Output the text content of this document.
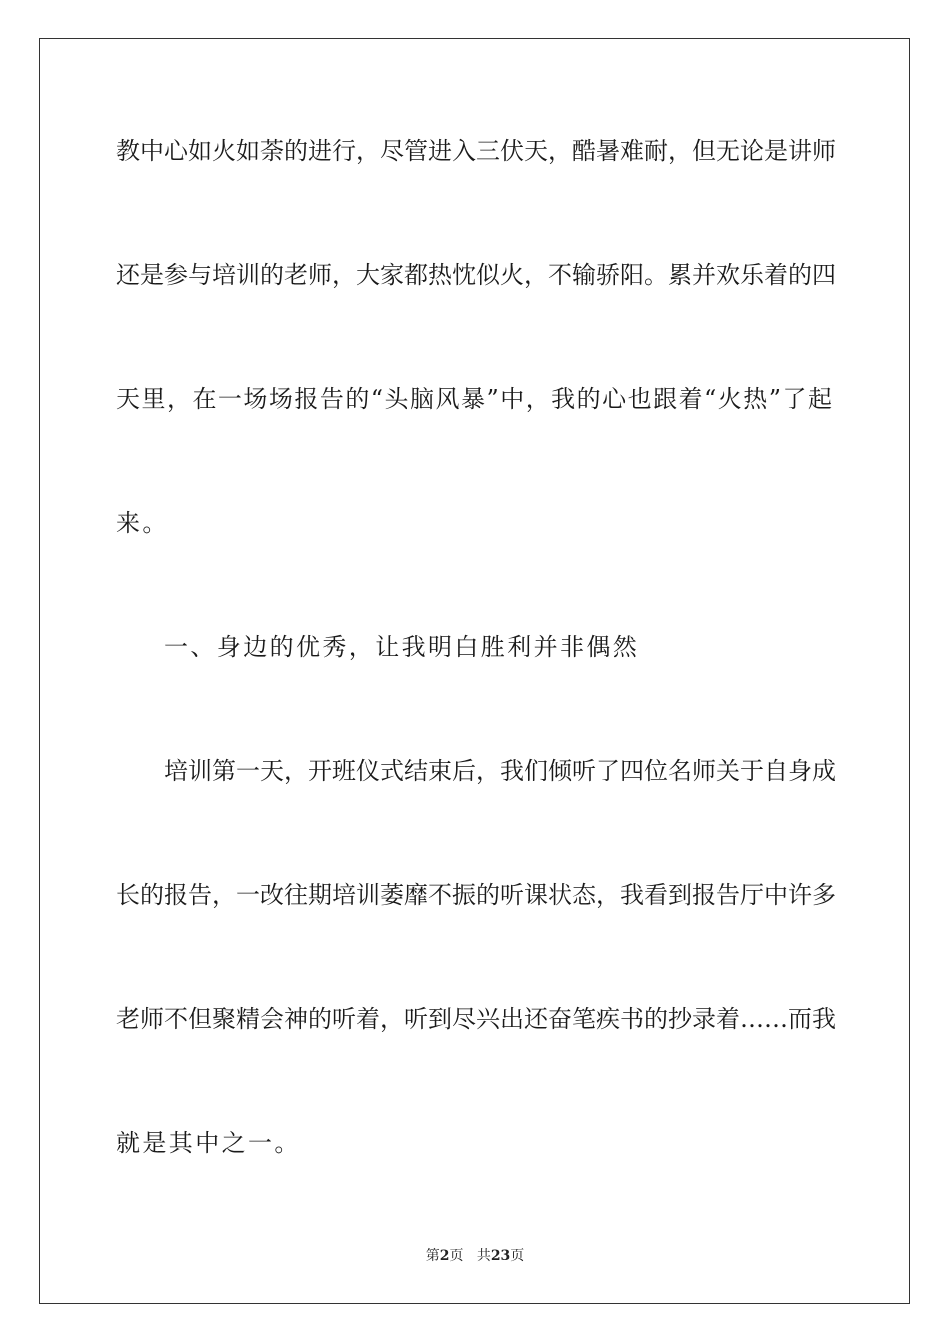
教中心如火如荼的进行，尽管进入三伏天，酷暑难耐，但无论是讲师
还是参与培训的老师，大家都热忱似火，不输骄阳。累并欢乐着的四
天里，在一场场报告的“头脑风暴”中，我的心也跟着“火热”了起
来。
一、身边的优秀，让我明白胜利并非偶然
培训第一天，开班仪式结束后，我们倾听了四位名师关于自身成
长的报告，一改往期培训萎靡不振的听课状态，我看到报告厅中许多
老师不但聚精会神的听着，听到尽兴出还奋笔疾书的抄录着……而我
就是其中之一。
第2页 共23页
